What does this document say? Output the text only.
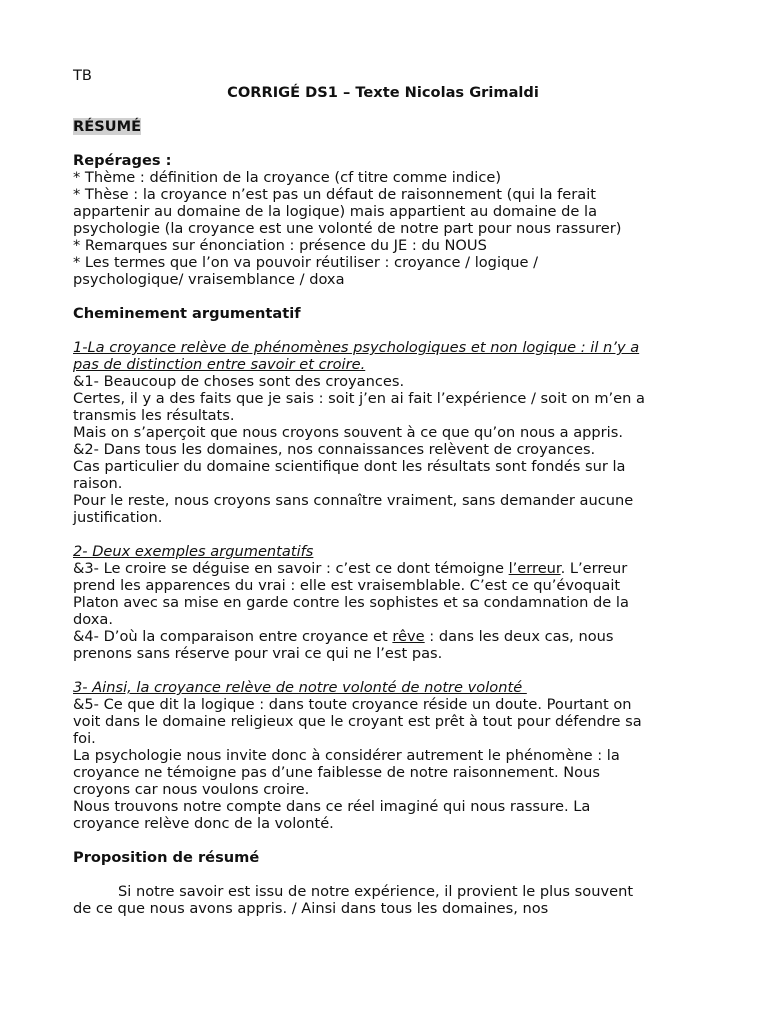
TB
CORRIGÉ DS1 – Texte Nicolas Grimaldi
RÉSUMÉ
Repérages :
* Thème : définition de la croyance (cf titre comme indice)
* Thèse : la croyance n’est pas un défaut de raisonnement (qui la ferait
appartenir au domaine de la logique) mais appartient au domaine de la
psychologie (la croyance est une volonté de notre part pour nous rassurer)
* Remarques sur énonciation : présence du JE : du NOUS
* Les termes que l’on va pouvoir réutiliser : croyance / logique /
psychologique/ vraisemblance / doxa
Cheminement argumentatif
1-La croyance relève de phénomènes psychologiques et non logique : il n’y a
pas de distinction entre savoir et croire.
&1- Beaucoup de choses sont des croyances.
Certes, il y a des faits que je sais : soit j’en ai fait l’expérience / soit on m’en a
transmis les résultats.
Mais on s’aperçoit que nous croyons souvent à ce que qu’on nous a appris.
&2- Dans tous les domaines, nos connaissances relèvent de croyances.
Cas particulier du domaine scientifique dont les résultats sont fondés sur la
raison.
Pour le reste, nous croyons sans connaître vraiment, sans demander aucune
justification.
2- Deux exemples argumentatifs
&3- Le croire se déguise en savoir : c’est ce dont témoigne l’erreur. L’erreur
prend les apparences du vrai : elle est vraisemblable. C’est ce qu’évoquait
Platon avec sa mise en garde contre les sophistes et sa condamnation de la
doxa.
&4- D’où la comparaison entre croyance et rêve : dans les deux cas, nous
prenons sans réserve pour vrai ce qui ne l’est pas.
3- Ainsi, la croyance relève de notre volonté de notre volonté
&5- Ce que dit la logique : dans toute croyance réside un doute. Pourtant on
voit dans le domaine religieux que le croyant est prêt à tout pour défendre sa
foi.
La psychologie nous invite donc à considérer autrement le phénomène : la
croyance ne témoigne pas d’une faiblesse de notre raisonnement. Nous
croyons car nous voulons croire.
Nous trouvons notre compte dans ce réel imaginé qui nous rassure. La
croyance relève donc de la volonté.
Proposition de résumé
Si notre savoir est issu de notre expérience, il provient le plus souvent
de ce que nous avons appris. / Ainsi dans tous les domaines, nos
